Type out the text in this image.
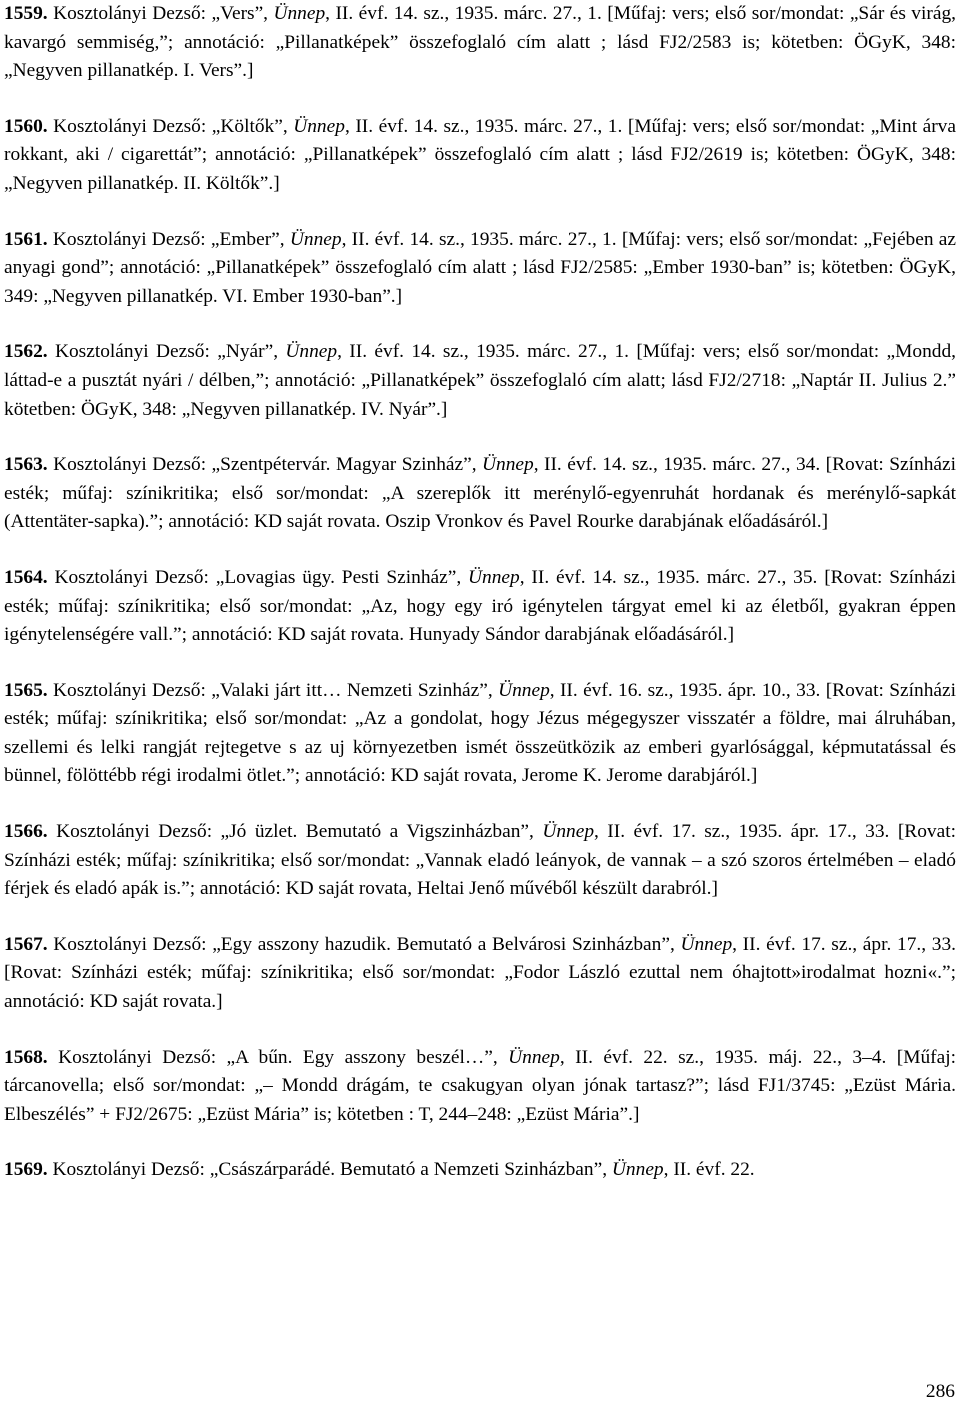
1559. Kosztolányi Dezső: „Vers”, Ünnep, II. évf. 14. sz., 1935. márc. 27., 1. [Műfaj: vers; első sor/mondat: „Sár és virág, kavargó semmiség,”; annotáció: „Pillanatképek” összefoglaló cím alatt ; lásd FJ2/2583 is; kötetben: ÖGyK, 348: „Negyven pillanatkép. I. Vers”.]

1560. Kosztolányi Dezső: „Költők”, Ünnep, II. évf. 14. sz., 1935. márc. 27., 1. [Műfaj: vers; első sor/mondat: „Mint árva rokkant, aki / cigarettát”; annotáció: „Pillanatképek” összefoglaló cím alatt ; lásd FJ2/2619 is; kötetben: ÖGyK, 348: „Negyven pillanatkép. II. Költők”.]

1561. Kosztolányi Dezső: „Ember”, Ünnep, II. évf. 14. sz., 1935. márc. 27., 1. [Műfaj: vers; első sor/mondat: „Fejében az anyagi gond”; annotáció: „Pillanatképek” összefoglaló cím alatt ; lásd FJ2/2585: „Ember 1930-ban” is; kötetben: ÖGyK, 349: „Negyven pillanatkép. VI. Ember 1930-ban”.]

1562. Kosztolányi Dezső: „Nyár”, Ünnep, II. évf. 14. sz., 1935. márc. 27., 1. [Műfaj: vers; első sor/mondat: „Mondd, láttad-e a pusztát nyári / délben,”; annotáció: „Pillanatképek” összefoglaló cím alatt; lásd FJ2/2718: „Naptár II. Julius 2.” kötetben: ÖGyK, 348: „Negyven pillanatkép. IV. Nyár”.]

1563. Kosztolányi Dezső: „Szentpétervár. Magyar Szinház”, Ünnep, II. évf. 14. sz., 1935. márc. 27., 34. [Rovat: Színházi esték; műfaj: színikritika; első sor/mondat: „A szereplők itt merénylő-egyenruhát hordanak és merénylő-sapkát (Attentäter-sapka).”; annotáció: KD saját rovata. Oszip Vronkov és Pavel Rourke darabjának előadásáról.]

1564. Kosztolányi Dezső: „Lovagias ügy. Pesti Szinház”, Ünnep, II. évf. 14. sz., 1935. márc. 27., 35. [Rovat: Színházi esték; műfaj: színikritika; első sor/mondat: „Az, hogy egy iró igénytelen tárgyat emel ki az életből, gyakran éppen igénytelenségére vall.”; annotáció: KD saját rovata. Hunyady Sándor darabjának előadásáról.]

1565. Kosztolányi Dezső: „Valaki járt itt… Nemzeti Szinház”, Ünnep, II. évf. 16. sz., 1935. ápr. 10., 33. [Rovat: Színházi esték; műfaj: színikritika; első sor/mondat: „Az a gondolat, hogy Jézus mégegyszer visszatér a földre, mai álruhában, szellemi és lelki rangját rejtegetve s az uj környezetben ismét összeütközik az emberi gyarlósággal, képmutatással és bünnel, fölöttébb régi irodalmi ötlet.”; annotáció: KD saját rovata, Jerome K. Jerome darabjáról.]

1566. Kosztolányi Dezső: „Jó üzlet. Bemutató a Vigszinházban”, Ünnep, II. évf. 17. sz., 1935. ápr. 17., 33. [Rovat: Színházi esték; műfaj: színikritika; első sor/mondat: „Vannak eladó leányok, de vannak – a szó szoros értelmében – eladó férjek és eladó apák is.”; annotáció: KD saját rovata, Heltai Jenő művéből készült darabról.]

1567. Kosztolányi Dezső: „Egy asszony hazudik. Bemutató a Belvárosi Szinházban”, Ünnep, II. évf. 17. sz., ápr. 17., 33. [Rovat: Színházi esték; műfaj: színikritika; első sor/mondat: „Fodor László ezuttal nem óhajtott»irodalmat hozni«.”; annotáció: KD saját rovata.]

1568. Kosztolányi Dezső: „A bűn. Egy asszony beszél…”, Ünnep, II. évf. 22. sz., 1935. máj. 22., 3–4. [Műfaj: tárcanovella; első sor/mondat: „– Mondd drágám, te csakugyan olyan jónak tartasz?”; lásd FJ1/3745: „Ezüst Mária. Elbeszélés” + FJ2/2675: „Ezüst Mária” is; kötetben : T, 244–248: „Ezüst Mária”.]

1569. Kosztolányi Dezső: „Császárparádé. Bemutató a Nemzeti Szinházban”, Ünnep, II. évf. 22.

286
